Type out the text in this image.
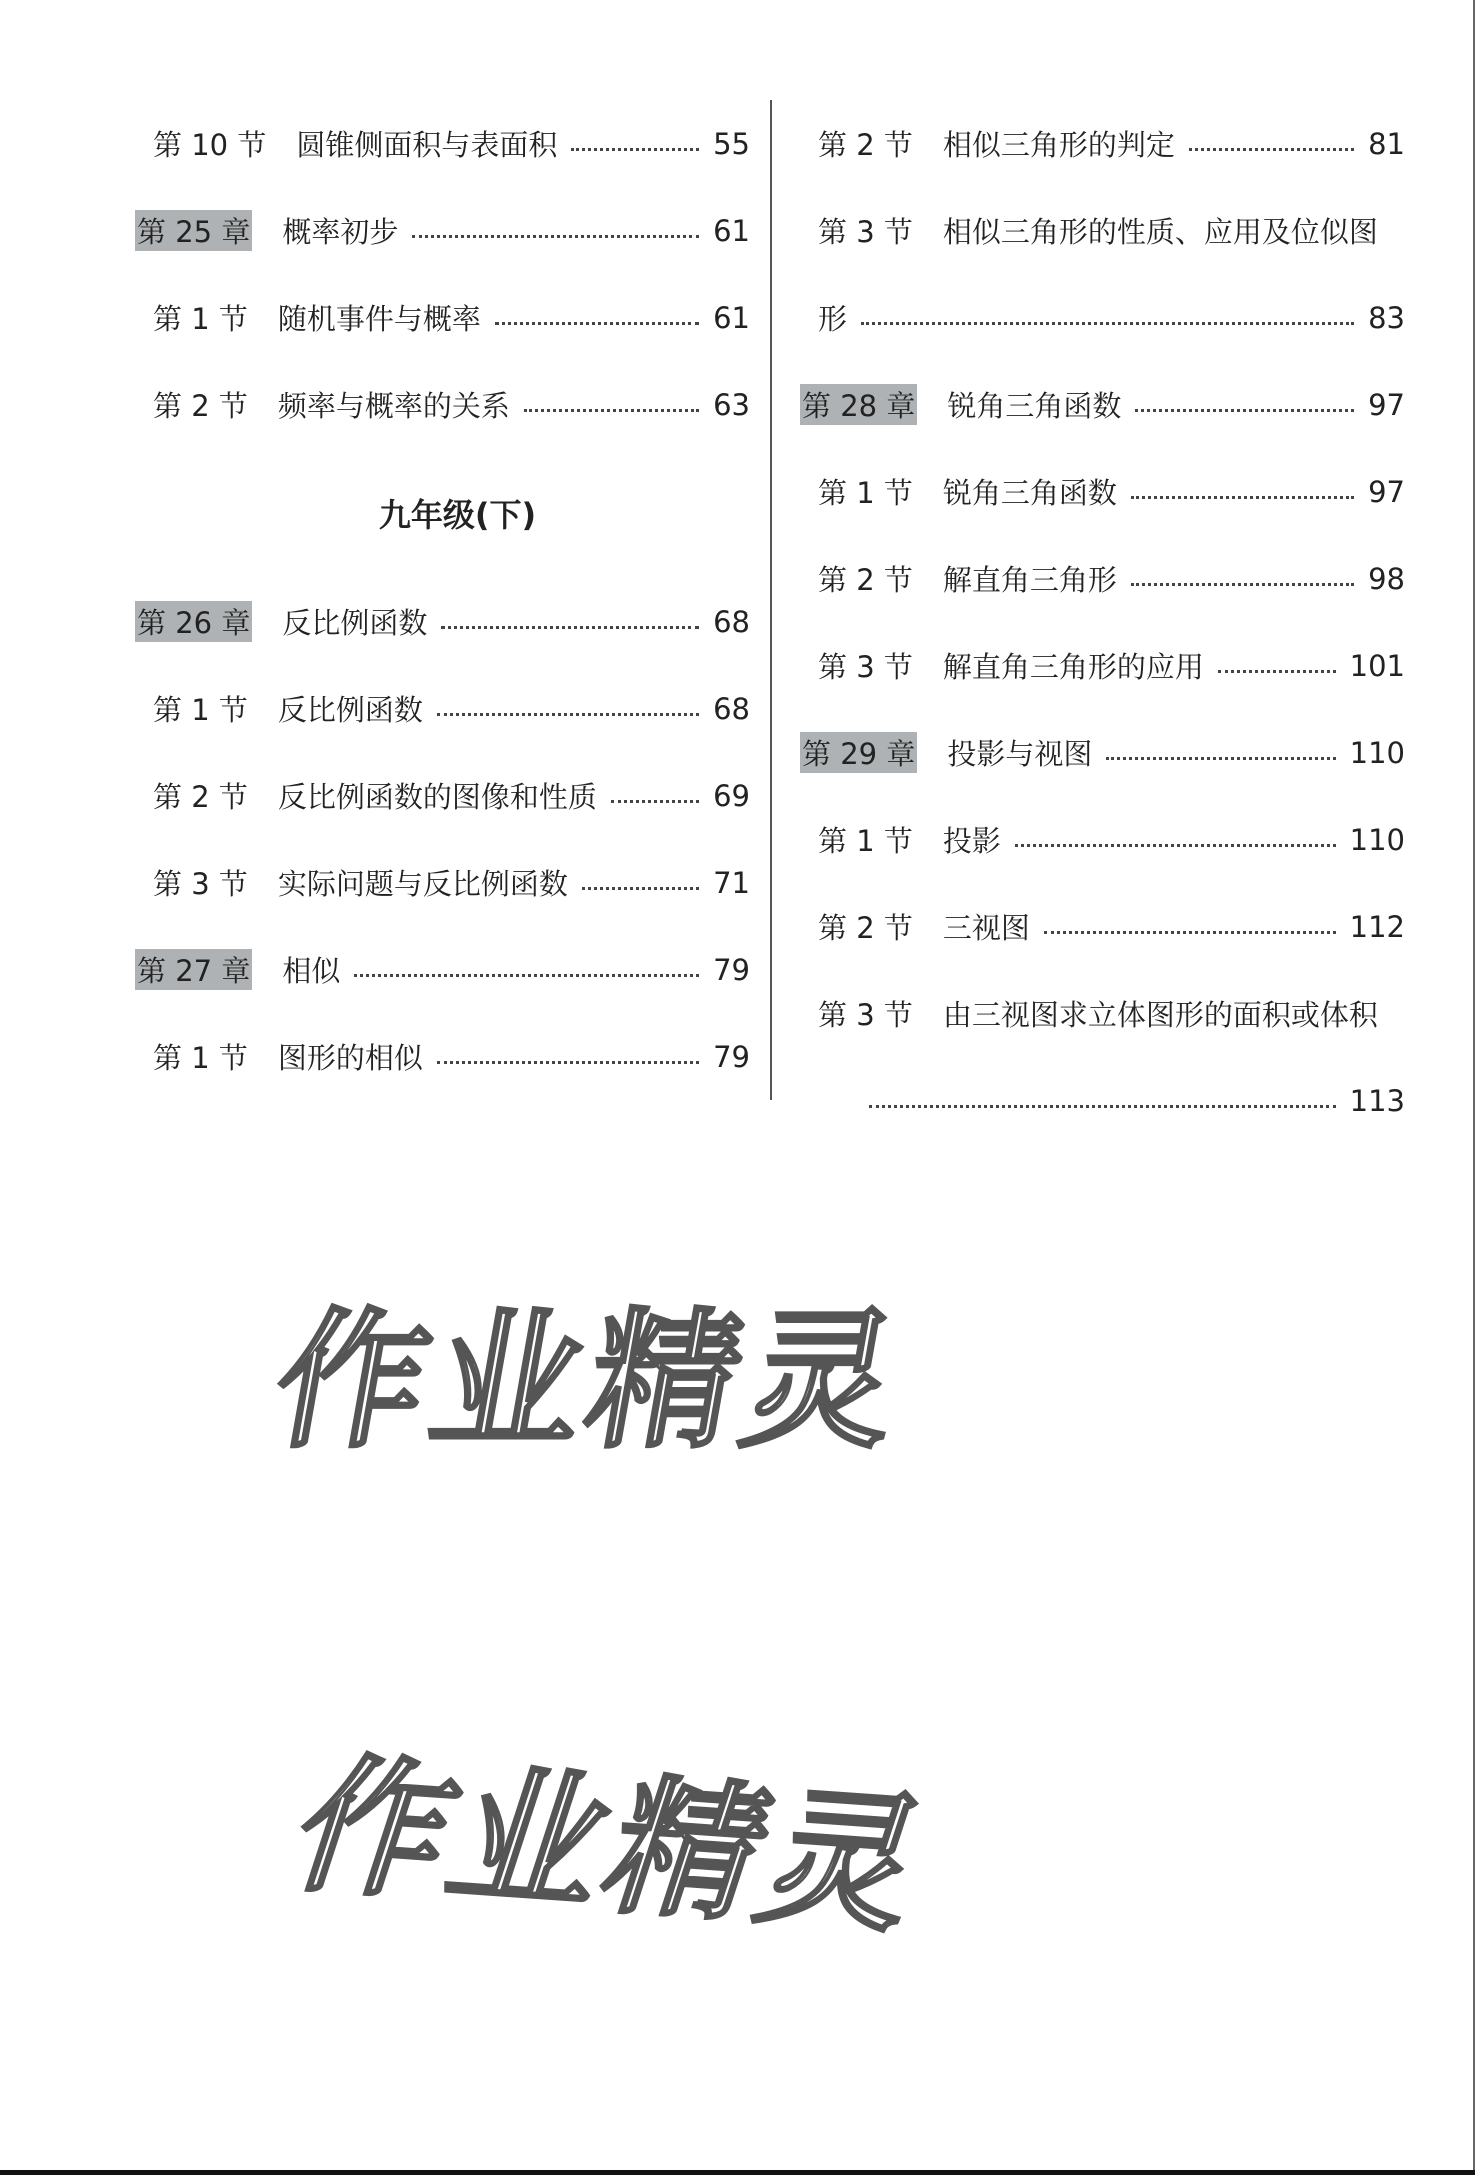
第 10 节 圆锥侧面积与表面积	55
第 25 章 概率初步	61
第 1 节 随机事件与概率	61
第 2 节 频率与概率的关系	63
九年级(下)
第 26 章 反比例函数	68
第 1 节 反比例函数	68
第 2 节 反比例函数的图像和性质	69
第 3 节 实际问题与反比例函数	71
第 27 章 相似	79
第 1 节 图形的相似	79
第 2 节 相似三角形的判定	81
第 3 节 相似三角形的性质、应用及位似图
形	83
第 28 章 锐角三角函数	97
第 1 节 锐角三角函数	97
第 2 节 解直角三角形	98
第 3 节 解直角三角形的应用	101
第 29 章 投影与视图	110
第 1 节 投影	110
第 2 节 三视图	112
第 3 节 由三视图求立体图形的面积或体积
113
作业精灵
作业精灵
